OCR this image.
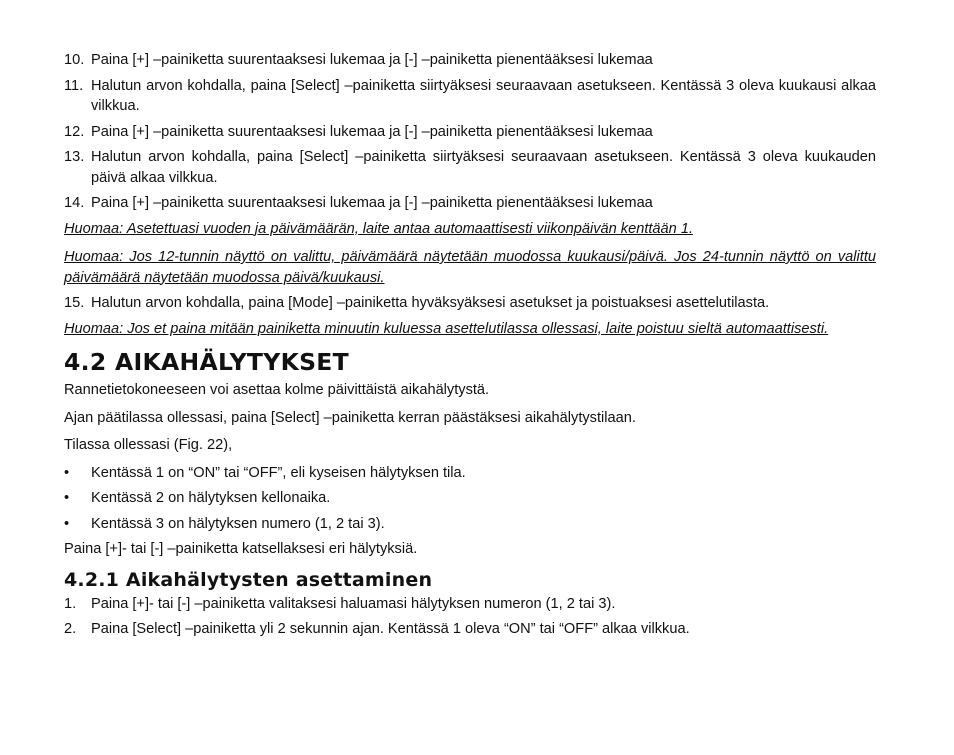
10. Paina [+] –painiketta suurentaaksesi lukemaa ja [-] –painiketta pienentääksesi lukemaa
11. Halutun arvon kohdalla, paina [Select] –painiketta siirtyäksesi seuraavaan asetukseen. Kentässä 3 oleva kuukausi alkaa vilkkua.
12. Paina [+] –painiketta suurentaaksesi lukemaa ja [-] –painiketta pienentääksesi lukemaa
13. Halutun arvon kohdalla, paina [Select] –painiketta siirtyäksesi seuraavaan asetukseen. Kentässä 3 oleva kuukauden päivä alkaa vilkkua.
14. Paina [+] –painiketta suurentaaksesi lukemaa ja [-] –painiketta pienentääksesi lukemaa
Huomaa: Asetettuasi vuoden ja päivämäärän, laite antaa automaattisesti viikonpäivän kenttään 1.
Huomaa: Jos 12-tunnin näyttö on valittu, päivämäärä näytetään muodossa kuukausi/päivä. Jos 24-tunnin näyttö on valittu päivämäärä näytetään muodossa päivä/kuukausi.
15. Halutun arvon kohdalla, paina [Mode] –painiketta hyväksyäksesi asetukset ja poistuaksesi asettelutilasta.
Huomaa: Jos et paina mitään painiketta minuutin kuluessa asettelutilassa ollessasi, laite poistuu sieltä automaattisesti.
4.2 AIKAHÄLYTYKSET
Rannetietokoneeseen voi asettaa kolme päivittäistä aikahälytystä.
Ajan päätilassa ollessasi, paina [Select] –painiketta kerran päästäksesi aikahälytystilaan.
Tilassa ollessasi (Fig. 22),
• Kentässä 1 on “ON” tai “OFF”, eli kyseisen hälytyksen tila.
• Kentässä 2 on hälytyksen kellonaika.
• Kentässä 3 on hälytyksen numero (1, 2 tai 3).
Paina [+]- tai [-] –painiketta katsellaksesi eri hälytyksiä.
4.2.1 Aikahälytysten asettaminen
1. Paina [+]- tai [-] –painiketta valitaksesi haluamasi hälytyksen numeron (1, 2 tai 3).
2. Paina [Select] –painiketta yli 2 sekunnin ajan. Kentässä 1 oleva “ON” tai “OFF” alkaa vilkkua.
